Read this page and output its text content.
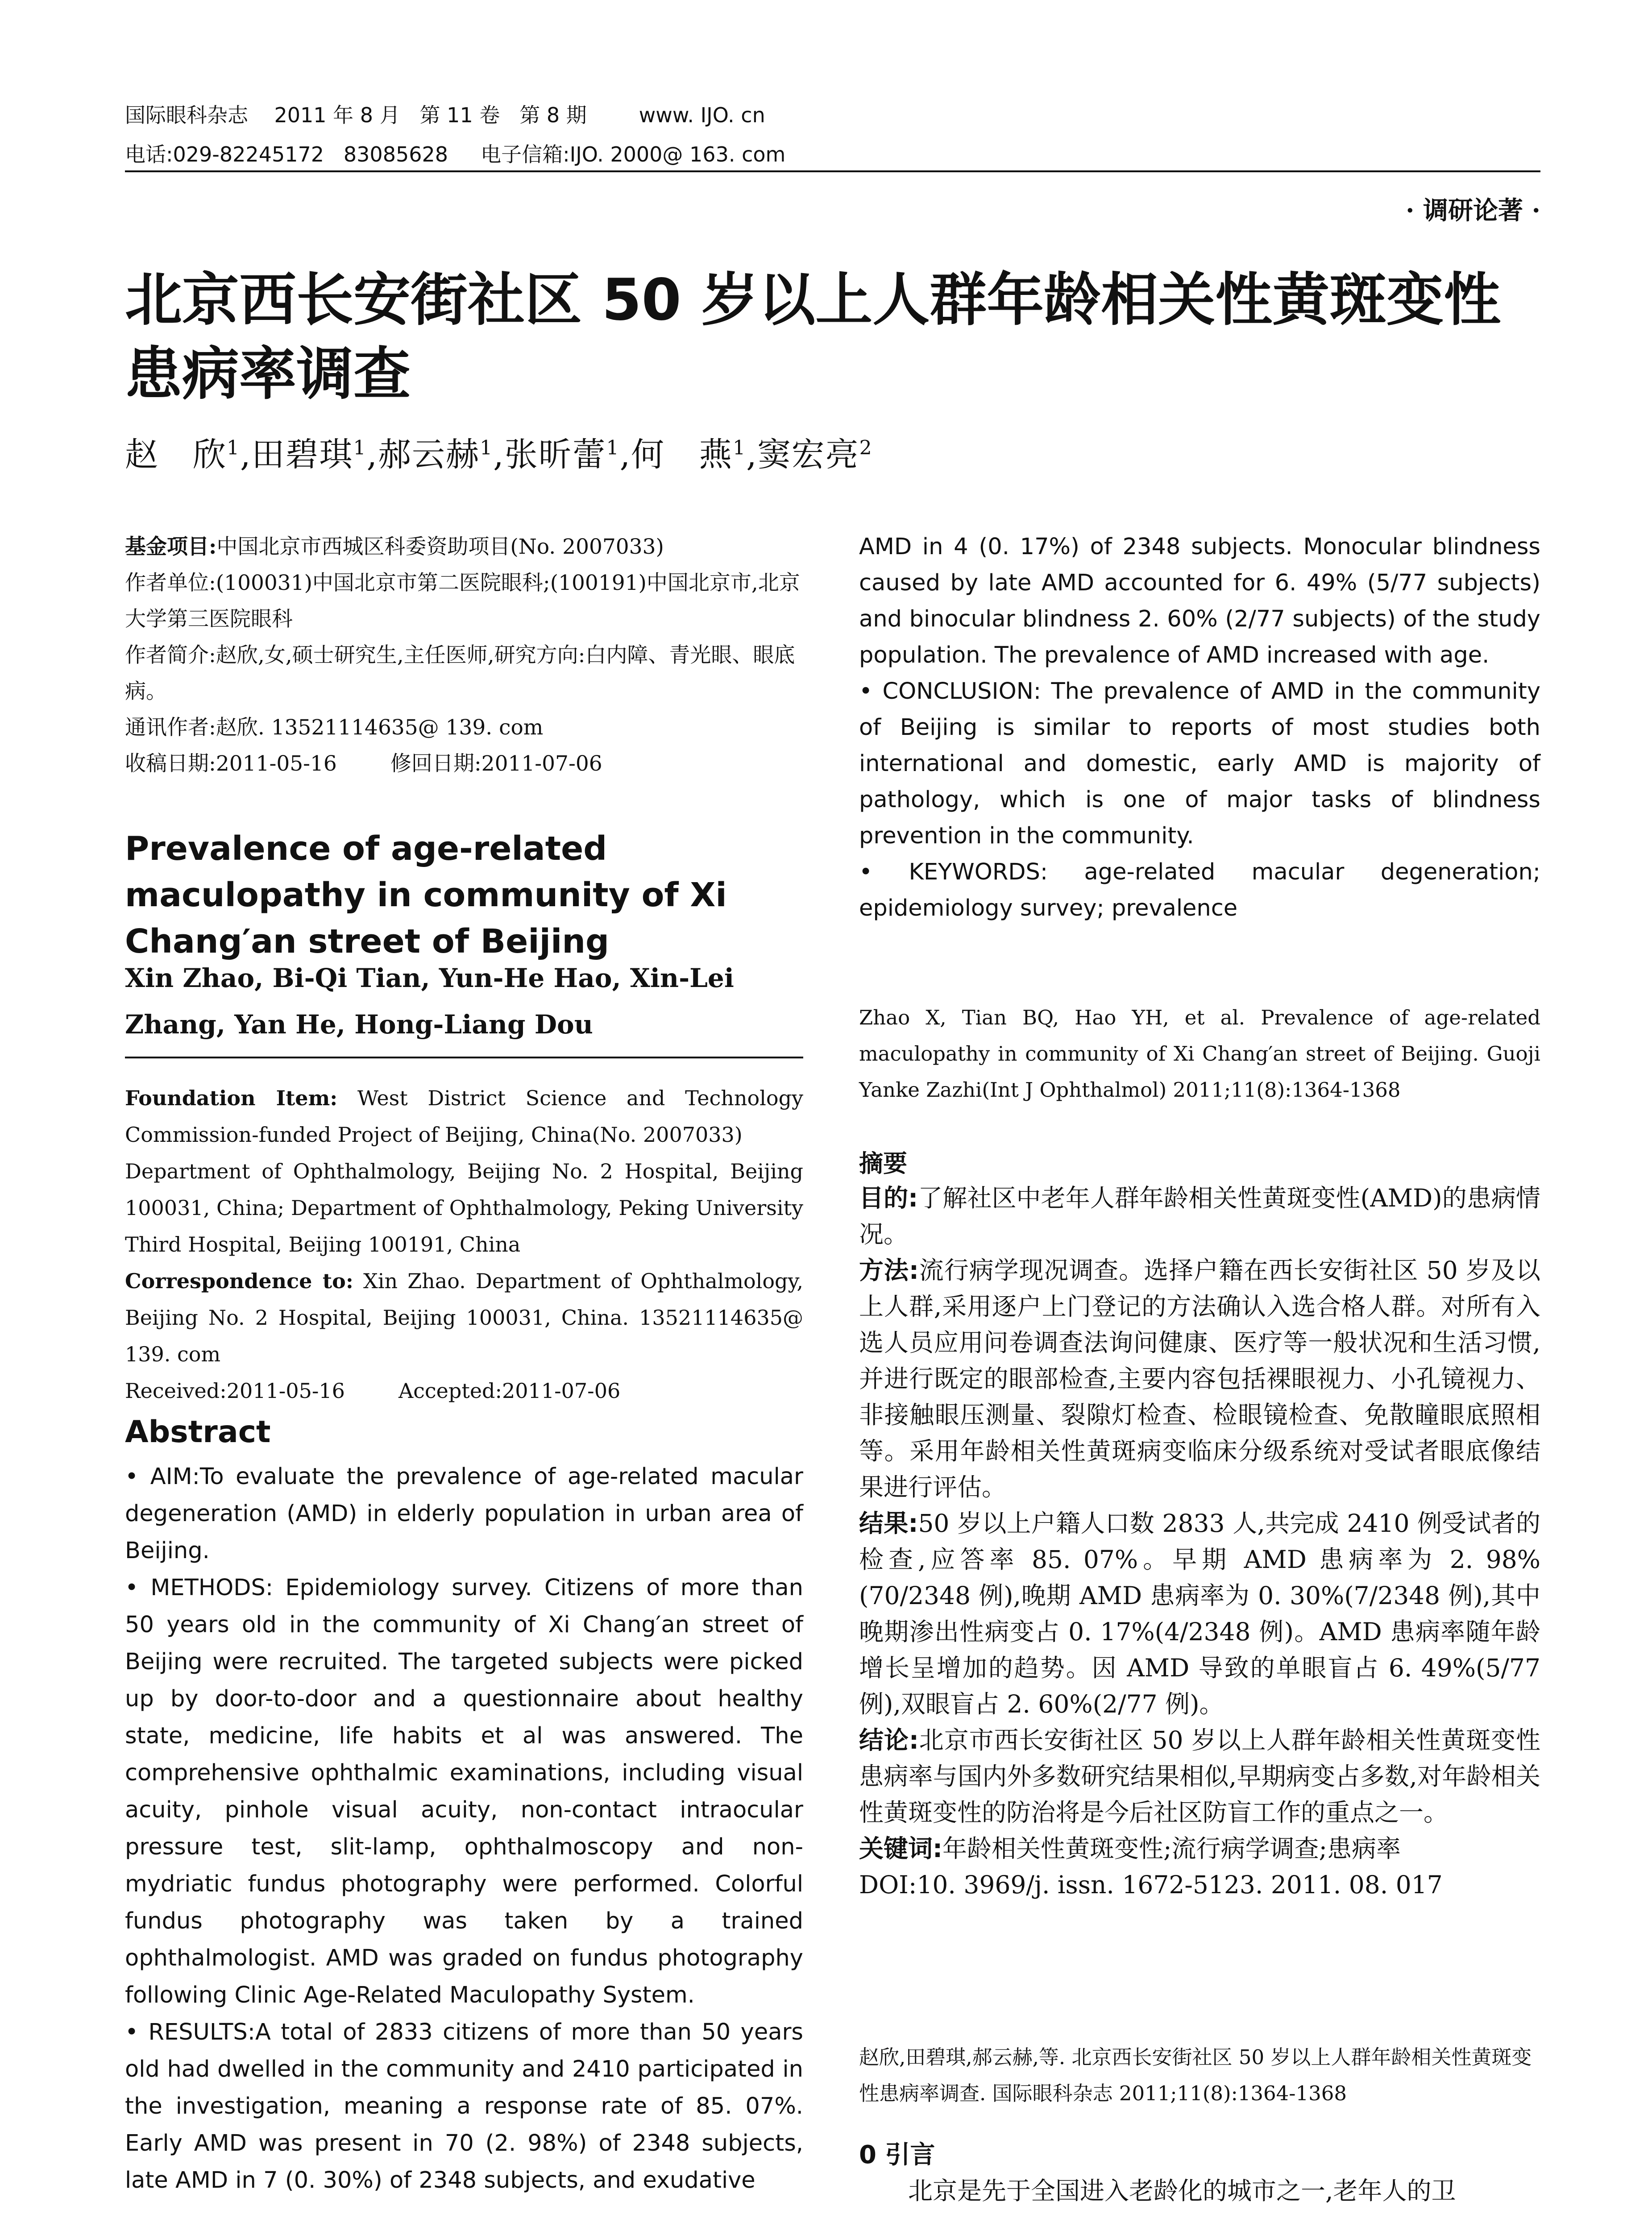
国际眼科杂志    2011 年 8 月   第 11 卷   第 8 期        www. IJO. cn
电话:029-82245172   83085628     电子信箱:IJO. 2000@ 163. com
· 调研论著 ·
北京西长安街社区 50 岁以上人群年龄相关性黄斑变性患病率调查
赵　欣$^1$,田碧琪$^1$,郝云赫$^1$,张昕蕾$^1$,何　燕$^1$,窦宏亮$^2$

基金项目:中国北京市西城区科委资助项目(No. 2007033)

作者单位:(100031)中国北京市第二医院眼科;(100191)中国北京市,北京大学第三医院眼科

作者简介:赵欣,女,硕士研究生,主任医师,研究方向:白内障、青光眼、眼底病。

通讯作者:赵欣. 13521114635@ 139. com

收稿日期:2011-05-16	修回日期:2011-07-06

Prevalence of age-related maculopathy in community of Xi Chang′an street of Beijing
Xin Zhao, Bi-Qi Tian, Yun-He Hao, Xin-Lei Zhang, Yan He, Hong-Liang Dou

Foundation Item: West District Science and Technology Commission-funded Project of Beijing, China(No. 2007033)

Department of Ophthalmology, Beijing No. 2 Hospital, Beijing 100031, China; Department of Ophthalmology, Peking University Third Hospital, Beijing 100191, China

Correspondence to: Xin Zhao. Department of Ophthalmology, Beijing No. 2 Hospital, Beijing 100031, China. 13521114635@ 139. com

Received:2011-05-16	Accepted:2011-07-06

Abstract

• AIM:To evaluate the prevalence of age-related macular degeneration (AMD) in elderly population in urban area of Beijing.

• METHODS: Epidemiology survey. Citizens of more than 50 years old in the community of Xi Chang′an street of Beijing were recruited. The targeted subjects were picked up by door-to-door and a questionnaire about healthy state, medicine, life habits et al was answered. The comprehensive ophthalmic examinations, including visual acuity, pinhole visual acuity, non-contact intraocular pressure test, slit-lamp, ophthalmoscopy and non-mydriatic fundus photography were performed. Colorful fundus photography was taken by a trained ophthalmologist. AMD was graded on fundus photography following Clinic Age-Related Maculopathy System.

• RESULTS:A total of 2833 citizens of more than 50 years old had dwelled in the community and 2410 participated in the investigation, meaning a response rate of 85. 07%. Early AMD was present in 70 (2. 98%) of 2348 subjects, late AMD in 7 (0. 30%) of 2348 subjects, and exudative

AMD in 4 (0. 17%) of 2348 subjects. Monocular blindness caused by late AMD accounted for 6. 49% (5/77 subjects) and binocular blindness 2. 60% (2/77 subjects) of the study population. The prevalence of AMD increased with age.

• CONCLUSION: The prevalence of AMD in the community of Beijing is similar to reports of most studies both international and domestic, early AMD is majority of pathology, which is one of major tasks of blindness prevention in the community.

• KEYWORDS: age-related macular degeneration; epidemiology survey; prevalence

Zhao X, Tian BQ, Hao YH, et al. Prevalence of age-related maculopathy in community of Xi Chang′an street of Beijing. Guoji Yanke Zazhi(Int J Ophthalmol) 2011;11(8):1364-1368

摘要

目的:了解社区中老年人群年龄相关性黄斑变性(AMD)的患病情况。

方法:流行病学现况调查。选择户籍在西长安街社区 50 岁及以上人群,采用逐户上门登记的方法确认入选合格人群。对所有入选人员应用问卷调查法询问健康、医疗等一般状况和生活习惯,并进行既定的眼部检查,主要内容包括裸眼视力、小孔镜视力、非接触眼压测量、裂隙灯检查、检眼镜检查、免散瞳眼底照相等。采用年龄相关性黄斑病变临床分级系统对受试者眼底像结果进行评估。

结果:50 岁以上户籍人口数 2833 人,共完成 2410 例受试者的检查,应答率 85. 07%。早期 AMD 患病率为 2. 98%(70/2348 例),晚期 AMD 患病率为 0. 30%(7/2348 例),其中晚期渗出性病变占 0. 17%(4/2348 例)。AMD 患病率随年龄增长呈增加的趋势。因 AMD 导致的单眼盲占 6. 49%(5/77 例),双眼盲占 2. 60%(2/77 例)。

结论:北京市西长安街社区 50 岁以上人群年龄相关性黄斑变性患病率与国内外多数研究结果相似,早期病变占多数,对年龄相关性黄斑变性的防治将是今后社区防盲工作的重点之一。

关键词:年龄相关性黄斑变性;流行病学调查;患病率

DOI:10. 3969/j. issn. 1672-5123. 2011. 08. 017

赵欣,田碧琪,郝云赫,等. 北京西长安街社区 50 岁以上人群年龄相关性黄斑变性患病率调查. 国际眼科杂志 2011;11(8):1364-1368

0 引言
北京是先于全国进入老龄化的城市之一,老年人的卫
